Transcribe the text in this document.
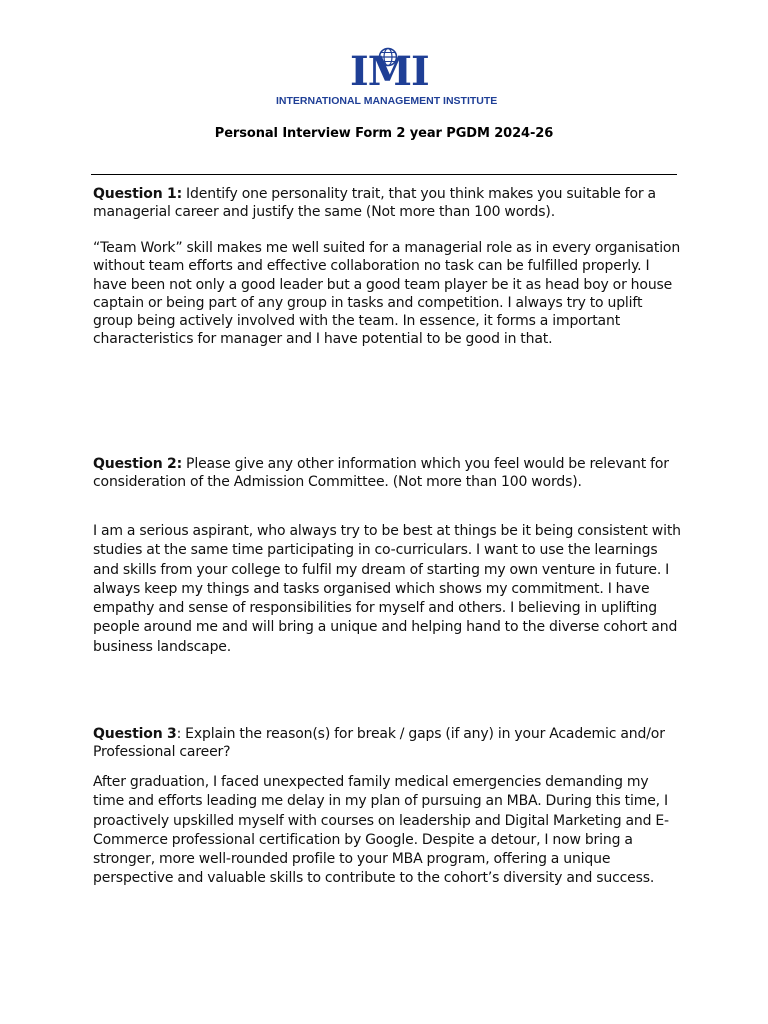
IMI
INTERNATIONAL MANAGEMENT INSTITUTE
Personal Interview Form 2 year PGDM 2024-26
Question 1: Identify one personality trait, that you think makes you suitable for a managerial career and justify the same (Not more than 100 words).
“Team Work” skill makes me well suited for a managerial role as in every organisation without team efforts and effective collaboration no task can be fulfilled properly. I have been not only a good leader but a good team player be it as head boy or house captain or being part of any group in tasks and competition. I always try to uplift group being actively involved with the team. In essence, it forms a important characteristics for manager and I have potential to be good in that.
Question 2: Please give any other information which you feel would be relevant for consideration of the Admission Committee. (Not more than 100 words).
I am a serious aspirant, who always try to be best at things be it being consistent with studies at the same time participating in co-curriculars. I want to use the learnings and skills from your college to fulfil my dream of starting my own venture in future. I always keep my things and tasks organised which shows my commitment. I have empathy and sense of responsibilities for myself and others. I believing in uplifting people around me and will bring a unique and helping hand to the diverse cohort and business landscape.
Question 3: Explain the reason(s) for break / gaps (if any) in your Academic and/or Professional career?
After graduation, I faced unexpected family medical emergencies demanding my time and efforts leading me delay in my plan of pursuing an MBA. During this time, I proactively upskilled myself with courses on leadership and Digital Marketing and E-Commerce professional certification by Google. Despite a detour, I now bring a stronger, more well-rounded profile to your MBA program, offering a unique perspective and valuable skills to contribute to the cohort’s diversity and success.
